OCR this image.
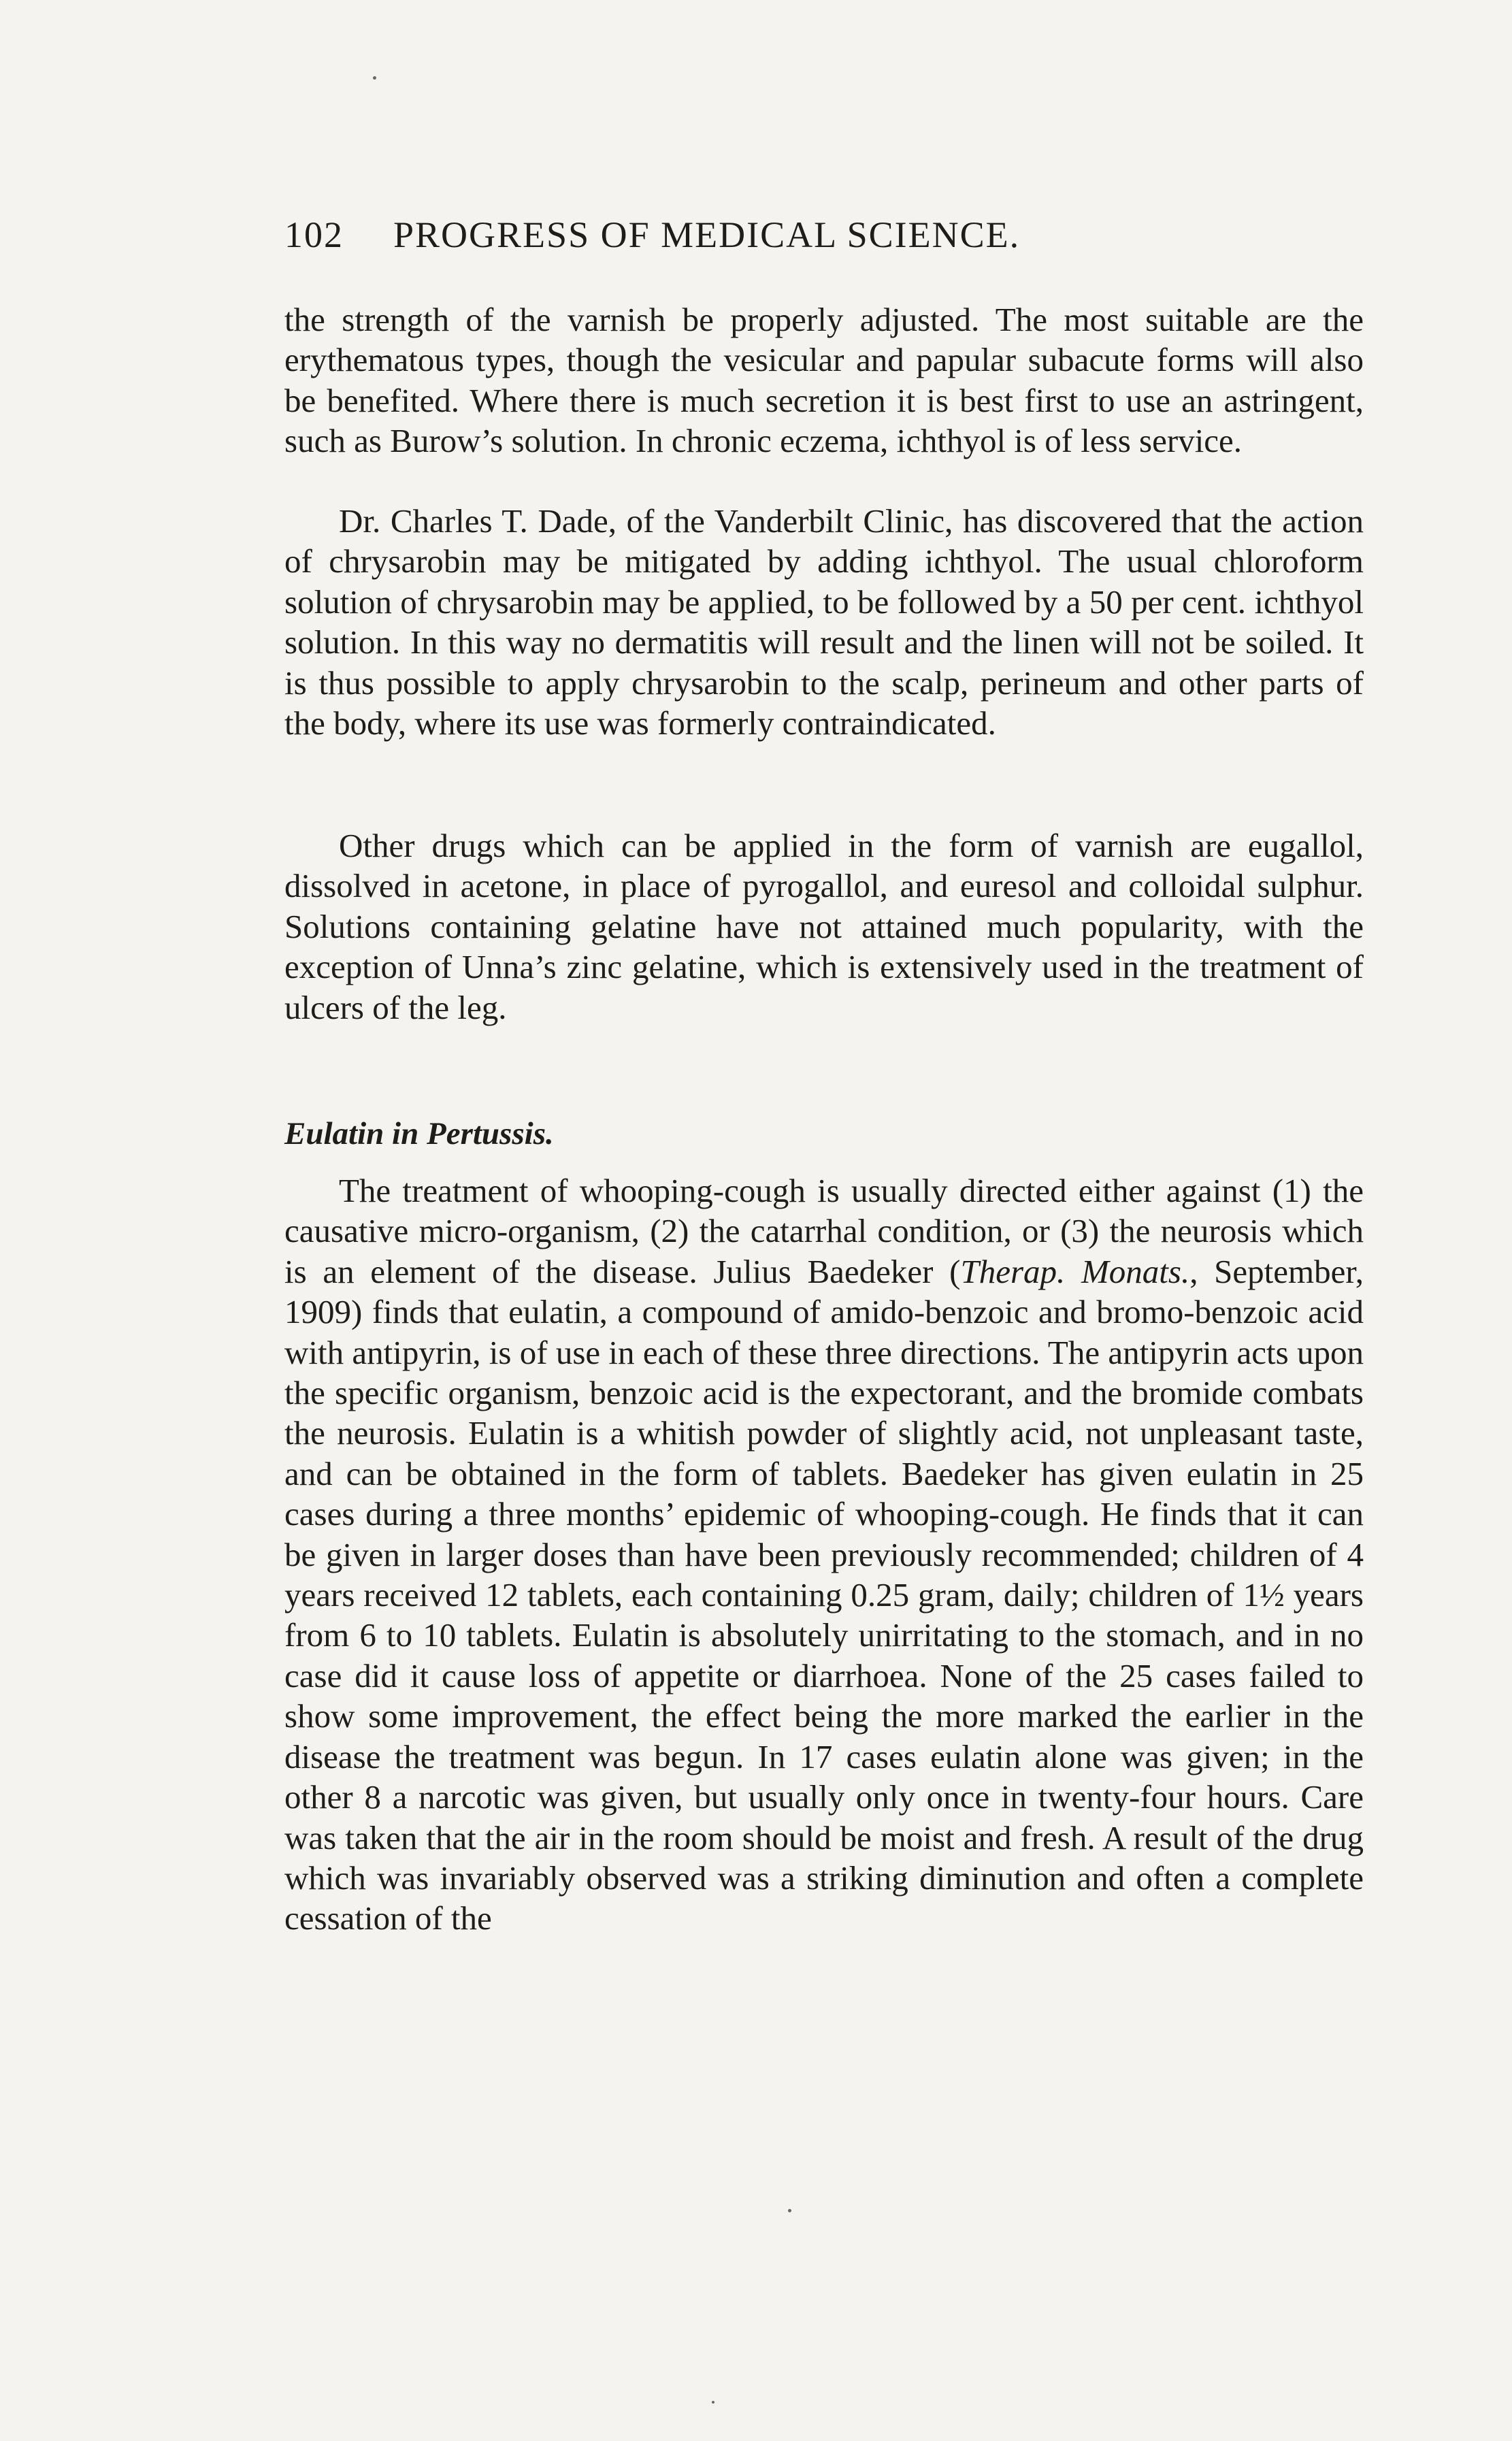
102 PROGRESS OF MEDICAL SCIENCE.

the strength of the varnish be properly adjusted. The most suitable are the erythematous types, though the vesicular and papular subacute forms will also be benefited. Where there is much secretion it is best first to use an astringent, such as Burow’s solution. In chronic eczema, ichthyol is of less service.

Dr. Charles T. Dade, of the Vanderbilt Clinic, has discovered that the action of chrysarobin may be mitigated by adding ichthyol. The usual chloroform solution of chrysarobin may be applied, to be followed by a 50 per cent. ichthyol solution. In this way no dermatitis will result and the linen will not be soiled. It is thus possible to apply chrysarobin to the scalp, perineum and other parts of the body, where its use was formerly contraindicated.

Other drugs which can be applied in the form of varnish are eugallol, dissolved in acetone, in place of pyrogallol, and euresol and colloidal sulphur. Solutions containing gelatine have not attained much popularity, with the exception of Unna’s zinc gelatine, which is extensively used in the treatment of ulcers of the leg.

Eulatin in Pertussis.

The treatment of whooping-cough is usually directed either against (1) the causative micro-organism, (2) the catarrhal condition, or (3) the neurosis which is an element of the disease. Julius Baedeker (Therap. Monats., September, 1909) finds that eulatin, a compound of amido-benzoic and bromo-benzoic acid with antipyrin, is of use in each of these three directions. The antipyrin acts upon the specific organism, benzoic acid is the expectorant, and the bromide combats the neurosis. Eulatin is a whitish powder of slightly acid, not unpleasant taste, and can be obtained in the form of tablets. Baedeker has given eulatin in 25 cases during a three months’ epidemic of whooping-cough. He finds that it can be given in larger doses than have been previously recommended; children of 4 years received 12 tablets, each containing 0.25 gram, daily; children of 1½ years from 6 to 10 tablets. Eulatin is absolutely unirritating to the stomach, and in no case did it cause loss of appetite or diarrhoea. None of the 25 cases failed to show some improvement, the effect being the more marked the earlier in the disease the treatment was begun. In 17 cases eulatin alone was given; in the other 8 a narcotic was given, but usually only once in twenty-four hours. Care was taken that the air in the room should be moist and fresh. A result of the drug which was invariably observed was a striking diminution and often a complete cessation of the
